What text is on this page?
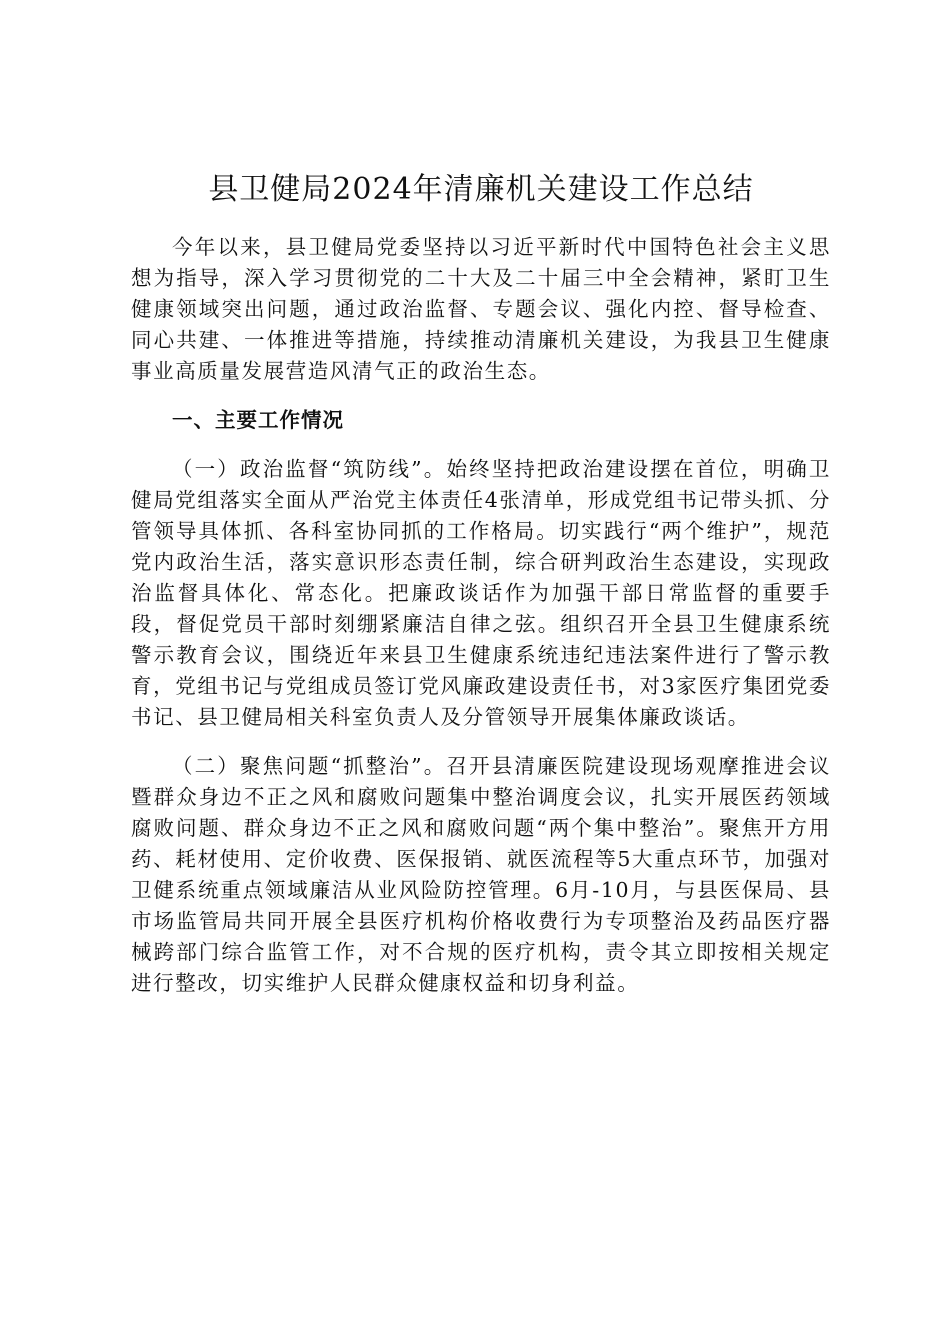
县卫健局2024年清廉机关建设工作总结

今年以来，县卫健局党委坚持以习近平新时代中国特色社会主义思想为指导，深入学习贯彻党的二十大及二十届三中全会精神，紧盯卫生健康领域突出问题，通过政治监督、专题会议、强化内控、督导检查、同心共建、一体推进等措施，持续推动清廉机关建设，为我县卫生健康事业高质量发展营造风清气正的政治生态。

一、主要工作情况

（一）政治监督“筑防线”。始终坚持把政治建设摆在首位，明确卫健局党组落实全面从严治党主体责任4张清单，形成党组书记带头抓、分管领导具体抓、各科室协同抓的工作格局。切实践行“两个维护”，规范党内政治生活，落实意识形态责任制，综合研判政治生态建设，实现政治监督具体化、常态化。把廉政谈话作为加强干部日常监督的重要手段，督促党员干部时刻绷紧廉洁自律之弦。组织召开全县卫生健康系统警示教育会议，围绕近年来县卫生健康系统违纪违法案件进行了警示教育，党组书记与党组成员签订党风廉政建设责任书，对3家医疗集团党委书记、县卫健局相关科室负责人及分管领导开展集体廉政谈话。

（二）聚焦问题“抓整治”。召开县清廉医院建设现场观摩推进会议暨群众身边不正之风和腐败问题集中整治调度会议，扎实开展医药领域腐败问题、群众身边不正之风和腐败问题“两个集中整治”。聚焦开方用药、耗材使用、定价收费、医保报销、就医流程等5大重点环节，加强对卫健系统重点领域廉洁从业风险防控管理。6月-10月，与县医保局、县市场监管局共同开展全县医疗机构价格收费行为专项整治及药品医疗器械跨部门综合监管工作，对不合规的医疗机构，责令其立即按相关规定进行整改，切实维护人民群众健康权益和切身利益。
